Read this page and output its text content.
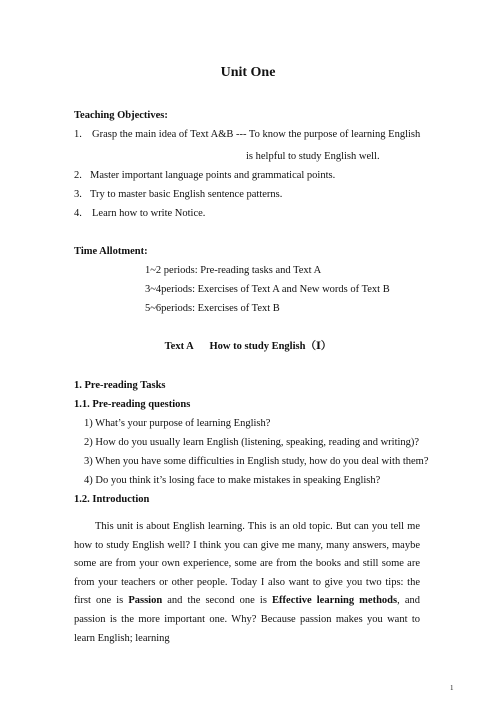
Unit One
Teaching Objectives:
1. Grasp the main idea of Text A&B --- To know the purpose of learning English
is helpful to study English well.
2. Master important language points and grammatical points.
3. Try to master basic English sentence patterns.
4. Learn how to write Notice.
Time Allotment:
1~2 periods: Pre-reading tasks and Text A
3~4periods: Exercises of Text A and New words of Text B
5~6periods: Exercises of Text B
Text A How to study English（Ⅰ）
1. Pre-reading Tasks
1.1. Pre-reading questions
1) What’s your purpose of learning English?
2) How do you usually learn English (listening, speaking, reading and writing)?
3) When you have some difficulties in English study, how do you deal with them?
4) Do you think it’s losing face to make mistakes in speaking English?
1.2. Introduction

This unit is about English learning. This is an old topic. But can you tell me how to study English well? I think you can give me many, many answers, maybe some are from your own experience, some are from the books and still some are from your teachers or other people. Today I also want to give you two tips: the first one is Passion and the second one is Effective learning methods, and passion is the more important one. Why? Because passion makes you want to learn English; learning

1
